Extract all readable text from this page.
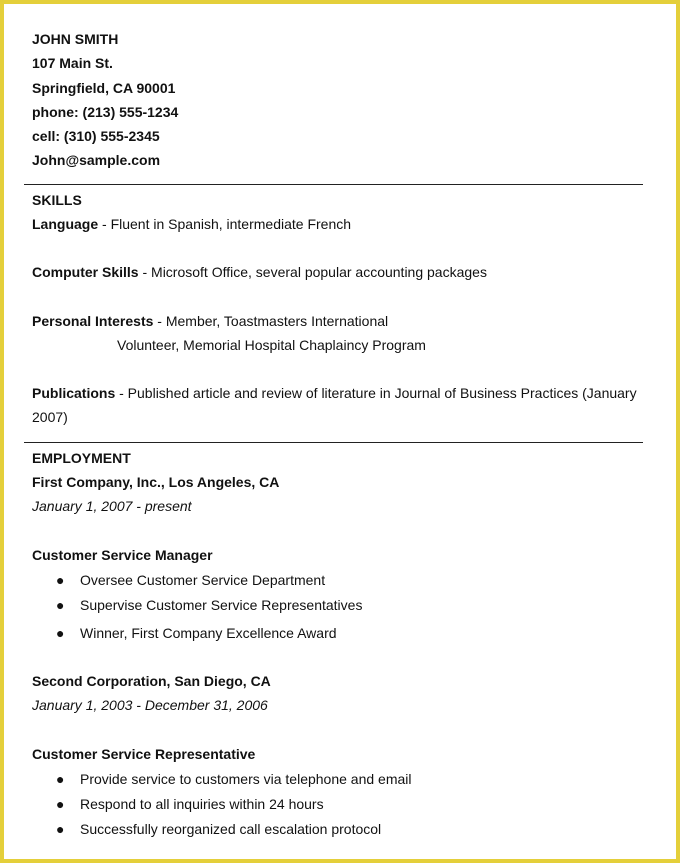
JOHN SMITH
107 Main St.
Springfield, CA 90001
phone: (213) 555-1234
cell: (310) 555-2345
John@sample.com
SKILLS
Language - Fluent in Spanish, intermediate French
Computer Skills - Microsoft Office, several popular accounting packages
Personal Interests - Member, Toastmasters International
Volunteer, Memorial Hospital Chaplaincy Program
Publications - Published article and review of literature in Journal of Business Practices (January
2007)
EMPLOYMENT
First Company, Inc., Los Angeles, CA
January 1, 2007 - present
Customer Service Manager
● Oversee Customer Service Department
● Supervise Customer Service Representatives
● Winner, First Company Excellence Award
Second Corporation, San Diego, CA
January 1, 2003 - December 31, 2006
Customer Service Representative
● Provide service to customers via telephone and email
● Respond to all inquiries within 24 hours
● Successfully reorganized call escalation protocol
